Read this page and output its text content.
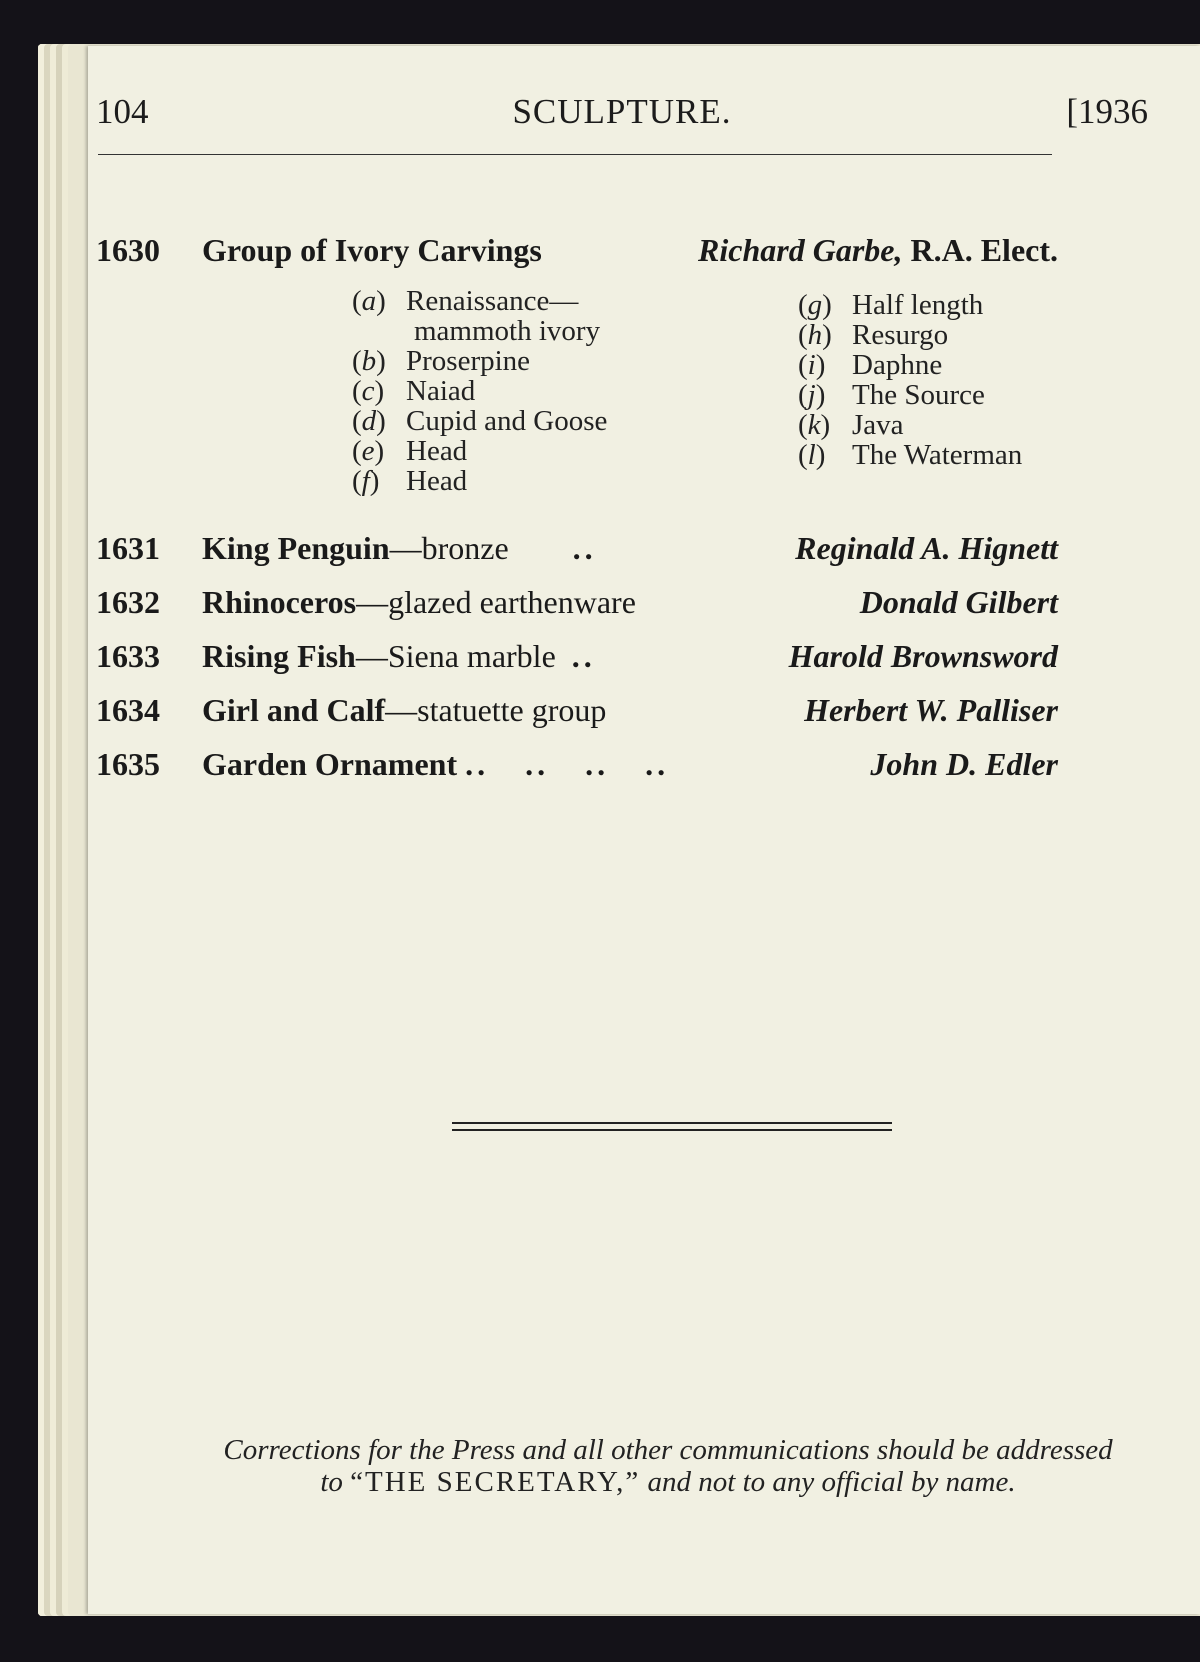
104	SCULPTURE.	[1936
1630 Group of Ivory Carvings	Richard Garbe, R.A. Elect.
(a) Renaissance—
mammoth ivory
(b) Proserpine
(c) Naiad
(d) Cupid and Goose
(e) Head
(f) Head
(g) Half length
(h) Resurgo
(i) Daphne
(j) The Source
(k) Java
(l) The Waterman
1631 King Penguin—bronze ..	Reginald A. Hignett
1632 Rhinoceros—glazed earthenware	Donald Gilbert
1633 Rising Fish—Siena marble ..	Harold Brownsword
1634 Girl and Calf—statuette group	Herbert W. Palliser
1635 Garden Ornament ..   ..   ..   ..	John D. Edler
Corrections for the Press and all other communications should be addressed
to “THE SECRETARY,” and not to any official by name.
